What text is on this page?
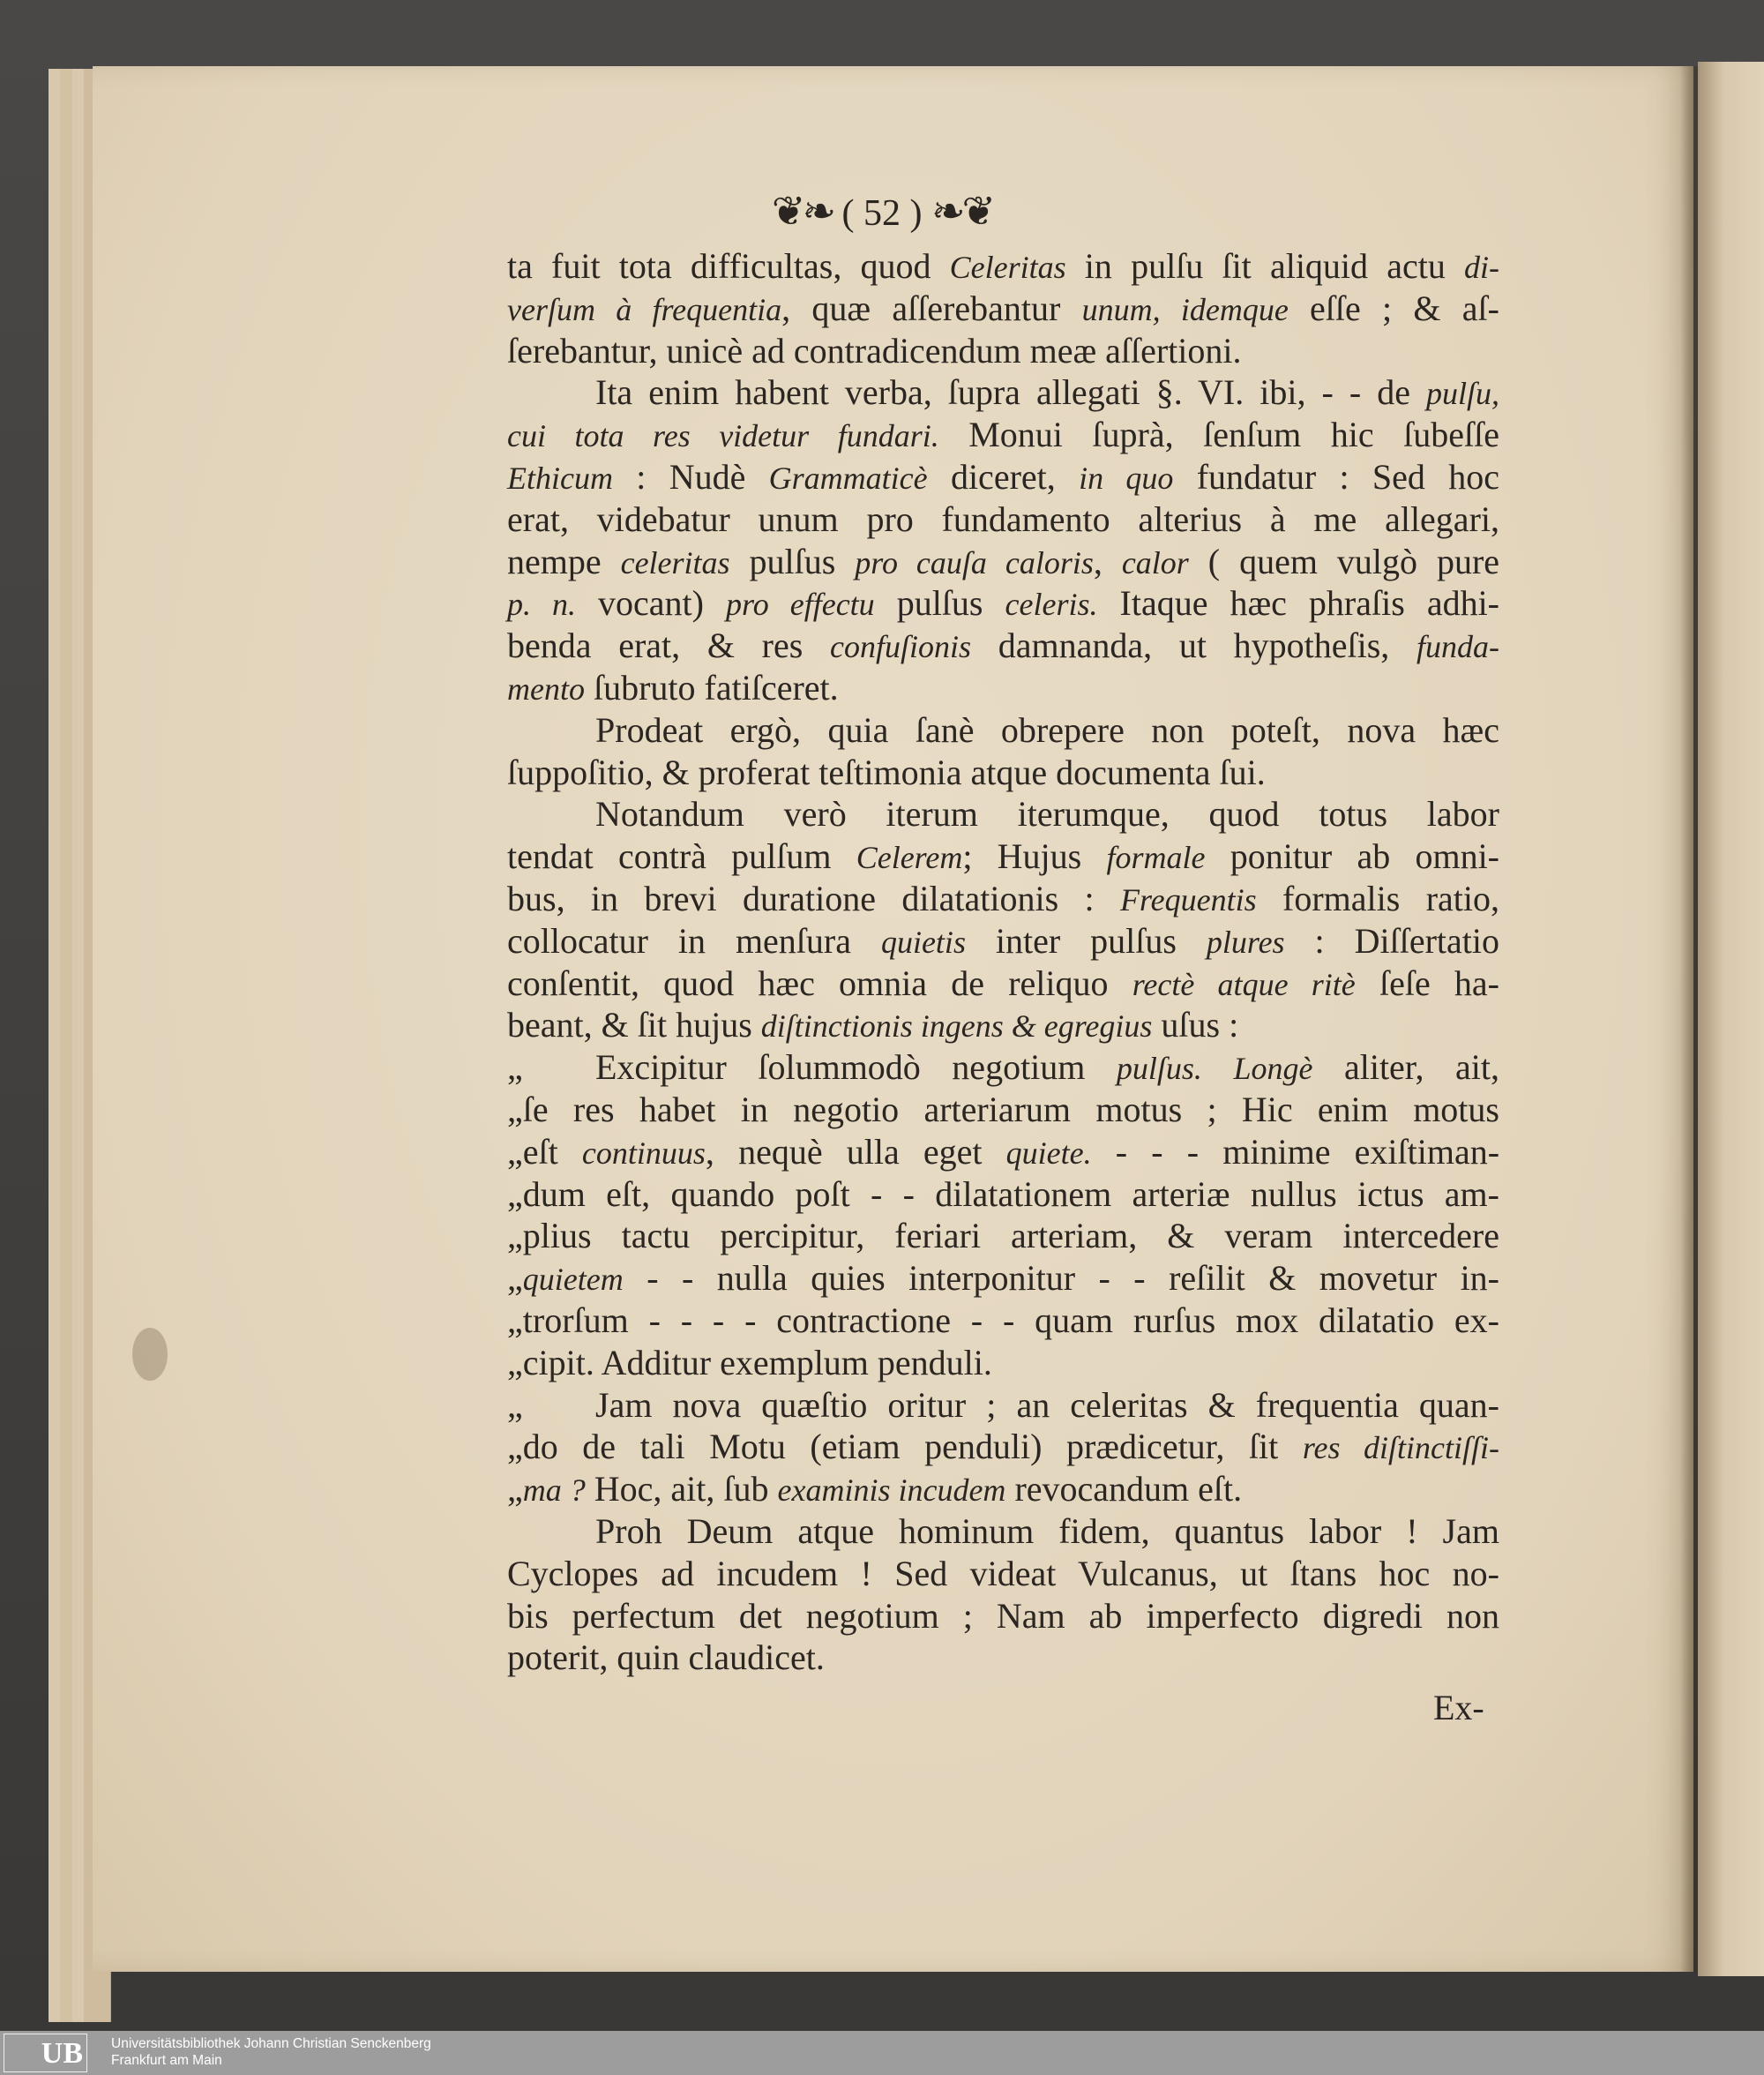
❦❧ ( 52 ) ❧❦
ta fuit tota difficultas, quod Celeritas in pulſu ſit aliquid actu di-
verſum à frequentia, quæ aſſerebantur unum, idemque eſſe ; & aſ-
ſerebantur, unicè ad contradicendum meæ aſſertioni.
Ita enim habent verba, ſupra allegati §. VI. ibi, - - de pulſu,
cui tota res videtur fundari. Monui ſuprà, ſenſum hic ſubeſſe
Ethicum : Nudè Grammaticè diceret, in quo fundatur : Sed hoc
erat, videbatur unum pro fundamento alterius à me allegari,
nempe celeritas pulſus pro cauſa caloris, calor ( quem vulgò pure
p. n. vocant) pro effectu pulſus celeris. Itaque hæc phraſis adhi-
benda erat, & res confuſionis damnanda, ut hypotheſis, funda-
mento ſubruto fatiſceret.
Prodeat ergò, quia ſanè obrepere non poteſt, nova hæc
ſuppoſitio, & proferat teſtimonia atque documenta ſui.
Notandum verò iterum iterumque, quod totus labor
tendat contrà pulſum Celerem; Hujus formale ponitur ab omni-
bus, in brevi duratione dilatationis : Frequentis formalis ratio,
collocatur in menſura quietis inter pulſus plures : Diſſertatio
conſentit, quod hæc omnia de reliquo rectè atque ritè ſeſe ha-
beant, & ſit hujus diſtinctionis ingens & egregius uſus :
„ Excipitur ſolummodò negotium pulſus. Longè aliter, ait,
„ſe res habet in negotio arteriarum motus ; Hic enim motus
„eſt continuus, nequè ulla eget quiete. - - - minime exiſtiman-
„dum eſt, quando poſt - - dilatationem arteriæ nullus ictus am-
„plius tactu percipitur, feriari arteriam, & veram intercedere
„quietem - - nulla quies interponitur - - reſilit & movetur in-
„trorſum - - - - contractione - - quam rurſus mox dilatatio ex-
„cipit. Additur exemplum penduli.
„ Jam nova quæſtio oritur ; an celeritas & frequentia quan-
„do de tali Motu (etiam penduli) prædicetur, ſit res diſtinctiſſi-
„ma ? Hoc, ait, ſub examinis incudem revocandum eſt.
Proh Deum atque hominum fidem, quantus labor ! Jam
Cyclopes ad incudem ! Sed videat Vulcanus, ut ſtans hoc no-
bis perfectum det negotium ; Nam ab imperfecto digredi non
poterit, quin claudicet.
Ex-
UB	Universitätsbibliothek Johann Christian Senckenberg
Frankfurt am Main
